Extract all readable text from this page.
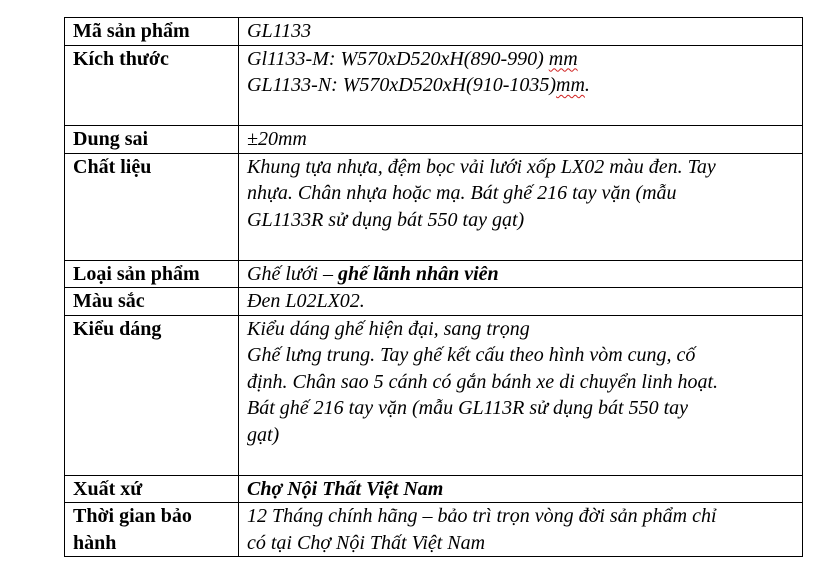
Mã sản phẩm	GL1133

Kích thước	Gl1133-M: W570xD520xH(890-990) mm
GL1133-N: W570xD520xH(910-1035)mm.

Dung sai	±20mm

Chất liệu	Khung tựa nhựa, đệm bọc vải lưới xốp LX02 màu đen. Tay
nhựa. Chân nhựa hoặc mạ. Bát ghế 216 tay vặn (mẫu
GL1133R sử dụng bát 550 tay gạt)

Loại sản phẩm	Ghế lưới – ghế lãnh nhân viên

Màu sắc	Đen L02LX02.

Kiểu dáng	Kiểu dáng ghế hiện đại, sang trọng
Ghế lưng trung. Tay ghế kết cấu theo hình vòm cung, cố
định. Chân sao 5 cánh có gắn bánh xe di chuyển linh hoạt.
Bát ghế 216 tay vặn (mẫu GL113R sử dụng bát 550 tay
gạt)

Xuất xứ	Chợ Nội Thất Việt Nam

Thời gian bảo
hành	12 Tháng chính hãng – bảo trì trọn vòng đời sản phẩm chỉ
có tại Chợ Nội Thất Việt Nam
